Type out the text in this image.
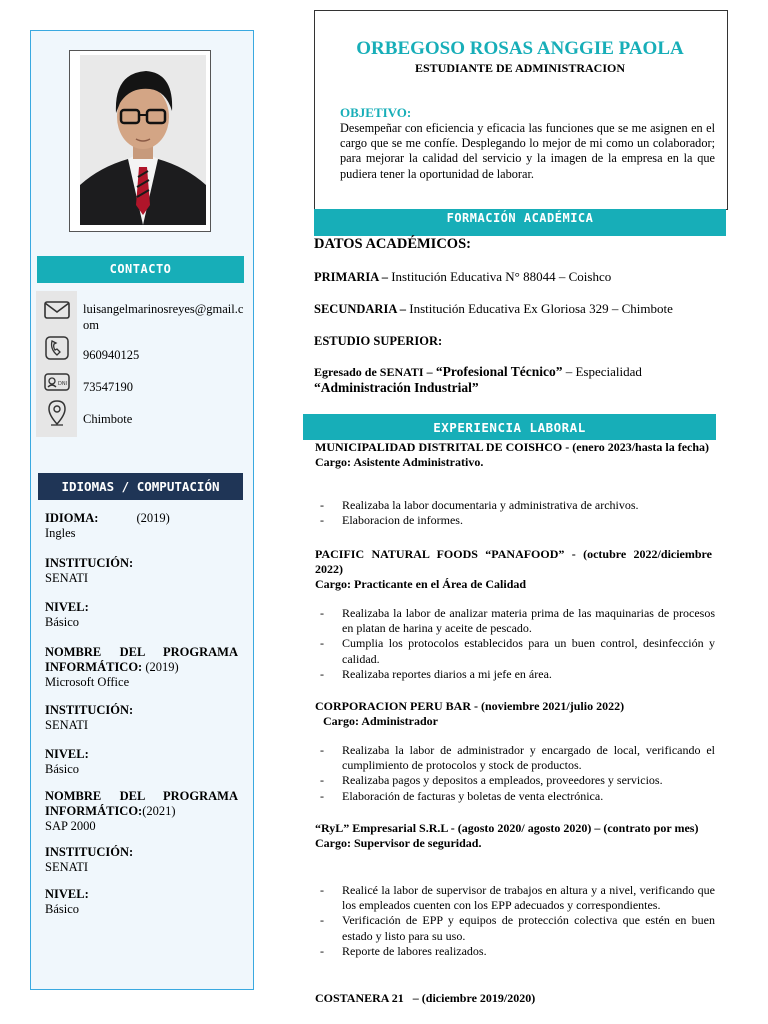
CONTACTO
DNI
luisangelmarinosreyes@gmail.c
om
960940125
73547190
Chimbote
IDIOMAS / COMPUTACIÓN
IDIOMA:	(2019)
Ingles
INSTITUCIÓN:
SENATI
NIVEL:
Básico
NOMBRE DEL PROGRAMA
INFORMÁTICO: (2019)
Microsoft Office
INSTITUCIÓN:
SENATI
NIVEL:
Básico
NOMBRE DEL PROGRAMA
INFORMÁTICO:(2021)
SAP 2000
INSTITUCIÓN:
SENATI
NIVEL:
Básico
ORBEGOSO ROSAS ANGGIE PAOLA
ESTUDIANTE DE ADMINISTRACION
OBJETIVO:
Desempeñar con eficiencia y eficacia las funciones que se me asignen en el cargo que se me confíe. Desplegando lo mejor de mi como un colaborador; para mejorar la calidad del servicio y la imagen de la empresa en la que pudiera tener la oportunidad de laborar.
FORMACIÓN ACADÉMICA
DATOS ACADÉMICOS:
PRIMARIA – Institución Educativa N° 88044 – Coishco
SECUNDARIA – Institución Educativa Ex Gloriosa 329 – Chimbote
ESTUDIO SUPERIOR:
Egresado de SENATI – “Profesional Técnico” – Especialidad
“Administración Industrial”
EXPERIENCIA LABORAL
MUNICIPALIDAD DISTRITAL DE COISHCO - (enero 2023/hasta la fecha)
Cargo: Asistente Administrativo.
- Realizaba la labor documentaria y administrativa de archivos.
- Elaboracion de informes.
PACIFIC NATURAL FOODS “PANAFOOD” - (octubre 2022/diciembre 2022)
Cargo: Practicante en el Área de Calidad
- Realizaba la labor de analizar materia prima de las maquinarias de procesos en platan de harina y aceite de pescado.
- Cumplia los protocolos establecidos para un buen control, desinfección y calidad.
- Realizaba reportes diarios a mi jefe en área.
CORPORACION PERU BAR - (noviembre 2021/julio 2022)
Cargo: Administrador
- Realizaba la labor de administrador y encargado de local, verificando el cumplimiento de protocolos y stock de productos.
- Realizaba pagos y depositos a empleados, proveedores y servicios.
- Elaboración de facturas y boletas de venta electrónica.
“RyL” Empresarial S.R.L - (agosto 2020/ agosto 2020) – (contrato por mes)
Cargo: Supervisor de seguridad.
- Realicé la labor de supervisor de trabajos en altura y a nivel, verificando que los empleados cuenten con los EPP adecuados y correspondientes.
- Verificación de EPP y equipos de protección colectiva que estén en buen estado y listo para su uso.
- Reporte de labores realizados.
COSTANERA 21   – (diciembre 2019/2020)
